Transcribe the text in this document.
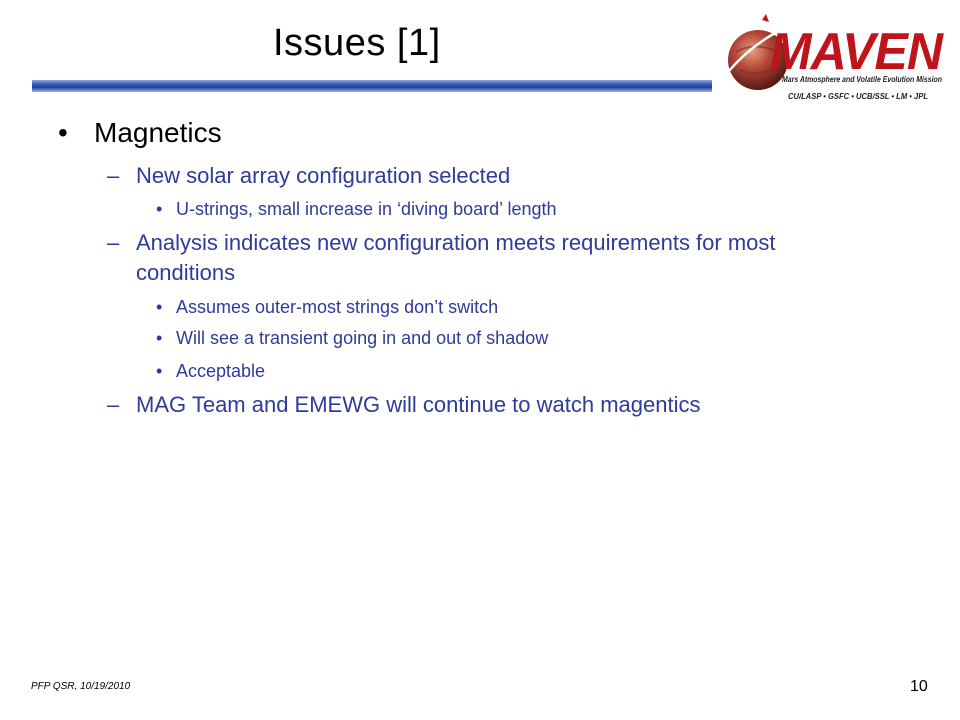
Issues [1]	MAVEN
Mars Atmosphere and Volatile Evolution Mission
CU/LASP • GSFC • UCB/SSL • LM • JPL
• Magnetics
– New solar array configuration selected
• U-strings, small increase in ‘diving board’ length
– Analysis indicates new configuration meets requirements for most conditions
• Assumes outer-most strings don’t switch
• Will see a transient going in and out of shadow
• Acceptable
– MAG Team and EMEWG will continue to watch magentics
PFP QSR, 10/19/2010	10
